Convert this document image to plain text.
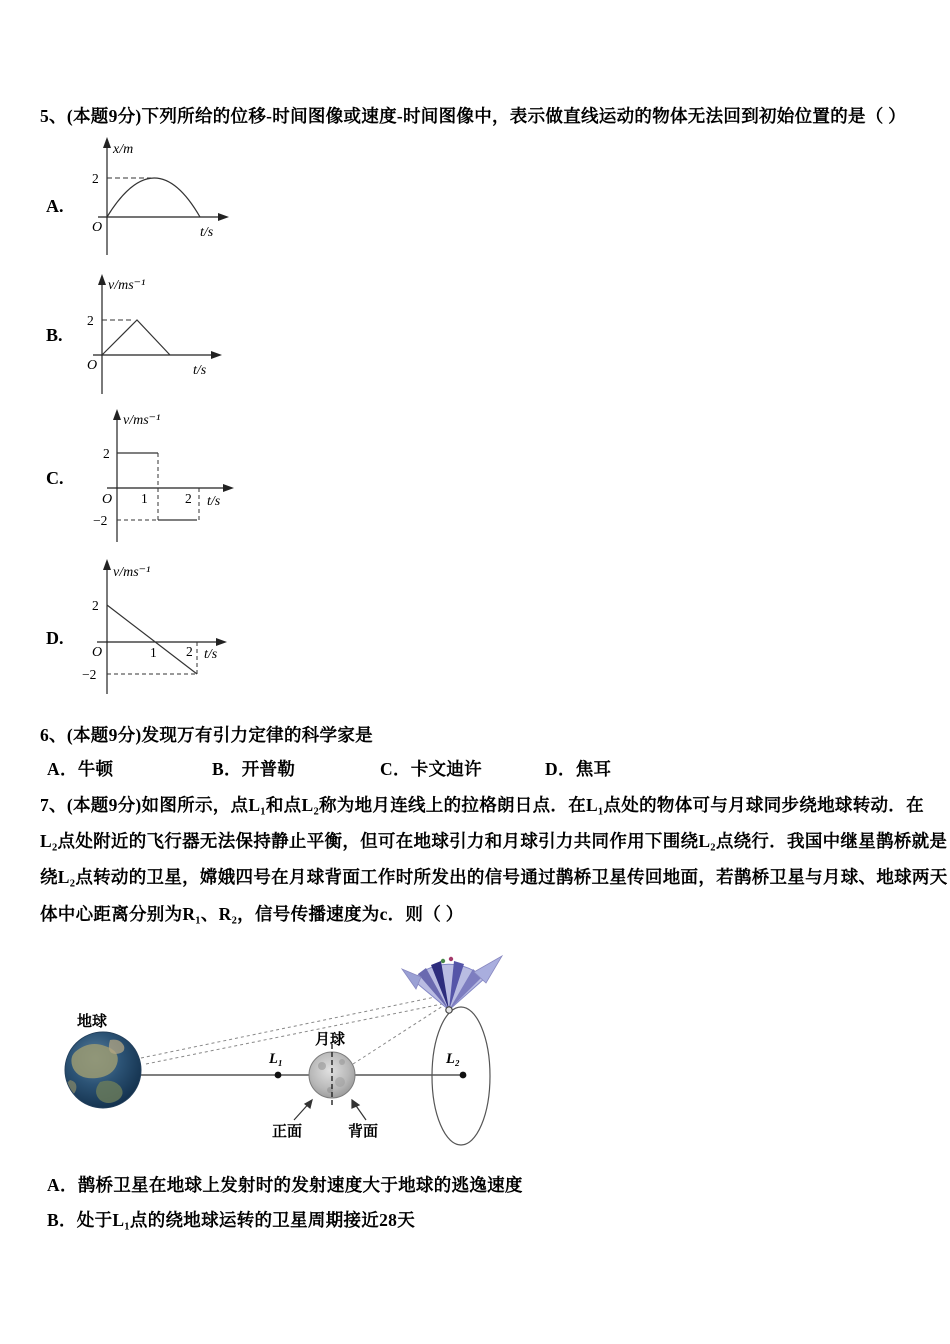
5、(本题9分)下列所给的位移-时间图像或速度-时间图像中，表示做直线运动的物体无法回到初始位置的是（ ）
A.
x/m
2
O	t/s
B.
v/ms⁻¹
2
O	t/s
C.
v/ms⁻¹
2
O 1	2 t/s
−2
D.
v/ms⁻¹
2
O	1 2 t/s
−2
6、(本题9分)发现万有引力定律的科学家是
A．牛顿	B．开普勒	C．卡文迪许	D．焦耳
7、(本题9分)如图所示，点L₁和点L₂称为地月连线上的拉格朗日点．在L₁点处的物体可与月球同步绕地球转动．在
L₂点处附近的飞行器无法保持静止平衡，但可在地球引力和月球引力共同作用下围绕L₂点绕行．我国中继星鹊桥就是
绕L₂点转动的卫星，嫦娥四号在月球背面工作时所发出的信号通过鹊桥卫星传回地面，若鹊桥卫星与月球、地球两天
体中心距离分别为R₁、R₂，信号传播速度为c．则（ ）
地球
L₁
月球
正面	背面
L₂
A．鹊桥卫星在地球上发射时的发射速度大于地球的逃逸速度
B．处于L₁点的绕地球运转的卫星周期接近28天
